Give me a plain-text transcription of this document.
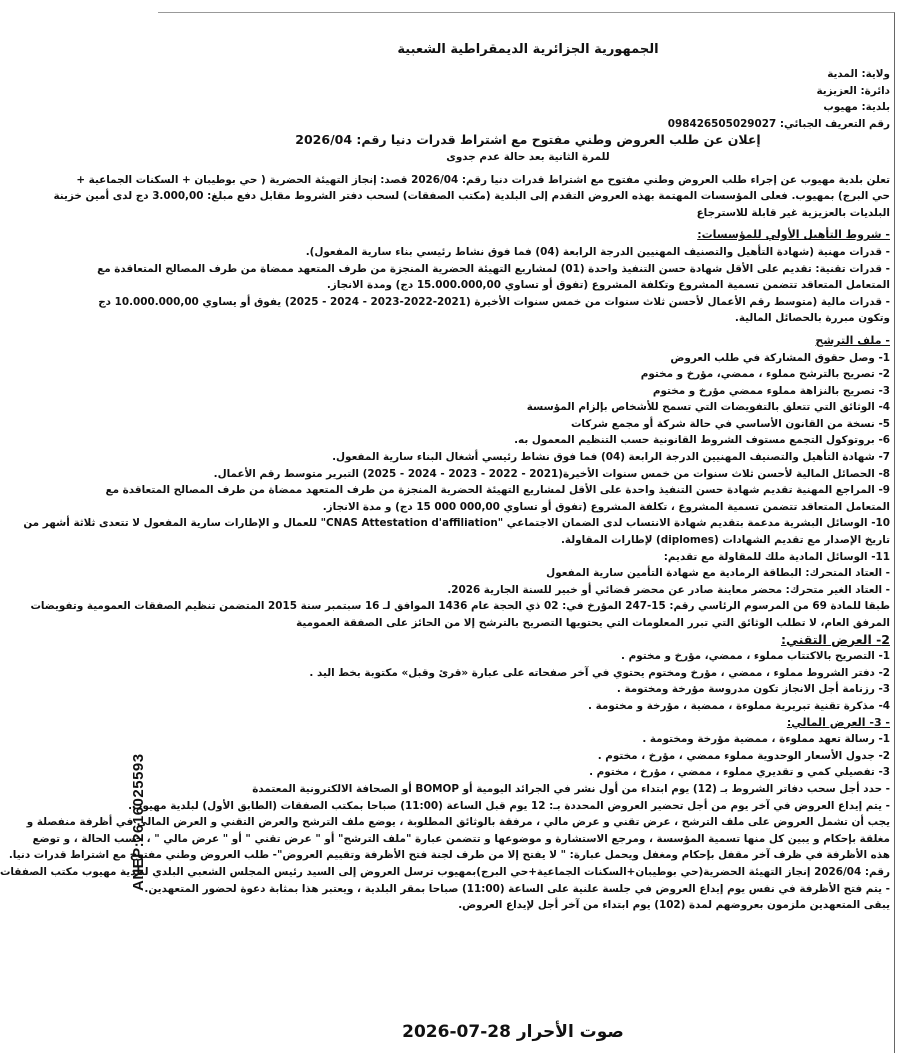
ANEP:2616025593
الجمهورية الجزائرية الديمقراطية الشعبية
ولاية: المدية
دائرة: العزيزية
بلدية: مهيوب
رقم التعريف الجبائي: 098426505029027
إعلان عن طلب العروض وطني مفتوح مع اشتراط قدرات دنيا رقم: 2026/04
للمرة الثانية بعد حالة عدم جدوى
تعلن بلدية مهيوب عن إجراء طلب العروض وطني مفتوح مع اشتراط قدرات دنيا رقم: 2026/04 قصد: إنجاز التهيئة الحضرية ( حي بوطيبان + السكنات الجماعية +
حي البرج) بمهيوب. فعلى المؤسسات المهتمة بهذه العروض التقدم إلى البلدية (مكتب الصفقات) لسحب دفتر الشروط مقابل دفع مبلغ: 3.000,00 دج لدى أمين خزينة
البلديات بالعزيزية غير قابلة للاسترجاع
- شروط التأهيل الأولي للمؤسسات:
- قدرات مهنية (شهادة التأهيل والتصنيف المهنيين الدرجة الرابعة (04) فما فوق نشاط رئيسي بناء سارية المفعول).
- قدرات تقنية: تقديم على الأقل شهادة حسن التنفيذ واحدة (01) لمشاريع التهيئة الحضرية المنجزة من طرف المتعهد ممضاة من طرف المصالح المتعاقدة مع
المتعامل المتعاقد تتضمن تسمية المشروع وتكلفة المشروع (تفوق أو تساوي 15.000.000,00 دج) ومدة الانجاز.
- قدرات مالية (متوسط رقم الأعمال لأحسن ثلاث سنوات من خمس سنوات الأخيرة (2021-2022-2023 - 2024 - 2025) يفوق أو يساوي 10.000.000,00 دج
وتكون مبررة بالحصائل المالية.
- ملف الترشح
1- وصل حقوق المشاركة في طلب العروض
2- تصريح بالترشح مملوء ، ممضي، مؤرخ و مختوم
3- تصريح بالنزاهة مملوء ممضي مؤرخ و مختوم
4- الوثائق التي تتعلق بالتفويضات التي تسمح للأشخاص بإلزام المؤسسة
5- نسخة من القانون الأساسي في حالة شركة أو مجمع شركات
6- بروتوكول التجمع مستوف الشروط القانونية حسب التنظيم المعمول به.
7- شهادة التأهيل والتصنيف المهنيين الدرجة الرابعة (04) فما فوق نشاط رئيسي أشغال البناء سارية المفعول.
8- الحصائل المالية لأحسن ثلاث سنوات من خمس سنوات الأخيرة(2021 - 2022 - 2023 - 2024 - 2025) التبرير متوسط رقم الأعمال.
9- المراجع المهنية تقديم شهادة حسن التنفيذ واحدة على الأقل لمشاريع التهيئة الحضرية المنجزة من طرف المتعهد ممضاة من طرف المصالح المتعاقدة مع
المتعامل المتعاقد تتضمن تسمية المشروع ، تكلفة المشروع (تفوق أو تساوي 000,00 000 15 دج) و مدة الانجاز.
10- الوسائل البشرية مدعمة بتقديم شهادة الانتساب لدى الضمان الاجتماعي "CNAS Attestation d'affiliation" للعمال و الإطارات سارية المفعول لا تتعدى ثلاثة أشهر من
تاريخ الإصدار مع تقديم الشهادات (diplomes) لإطارات المقاولة.
11- الوسائل المادية ملك للمقاولة مع تقديم:
- العتاد المتحرك: البطاقة الرمادية مع شهادة التأمين سارية المفعول
- العتاد الغير متحرك: محضر معاينة صادر عن محضر قضائي أو خبير للسنة الجارية 2026.
طبقا للمادة 69 من المرسوم الرئاسي رقم: 15-247 المؤرخ في: 02 ذي الحجة عام 1436 الموافق لـ 16 سبتمبر سنة 2015 المتضمن تنظيم الصفقات العمومية وتفويضات
المرفق العام، لا تطلب الوثائق التي تبرر المعلومات التي يحتويها التصريح بالترشح إلا من الحائز على الصفقة العمومية
2- العرض التقني:
1- التصريح بالاكتتاب مملوء ، ممضي، مؤرخ و مختوم .
2- دفتر الشروط مملوء ، ممضي ، مؤرخ ومختوم يحتوي في آخر صفحاته على عبارة «قرئ وقبل» مكتوبة بخط اليد .
3- رزنامة أجل الانجاز تكون مدروسة مؤرخة ومختومة .
4- مذكرة تقنية تبريرية مملوءة ، ممضية ، مؤرخة و مختومة .
- 3- العرض المالي:
1- رسالة تعهد مملوءة ، ممضية مؤرخة ومختومة .
2- جدول الأسعار الوحدوية مملوء ممضي ، مؤرخ ، مختوم .
3- تفصيلي كمي و تقديري مملوء ، ممضي ، مؤرخ ، مختوم .
- حدد أجل سحب دفاتر الشروط بـ (12) يوم ابتداء من أول نشر في الجرائد اليومية أو BOMOP أو الصحافة الالكترونية المعتمدة
- يتم إيداع العروض في آخر يوم من أجل تحضير العروض المحددة بـ: 12 يوم قبل الساعة (11:00) صباحا بمكتب الصفقات (الطابق الأول) لبلدية مهيوب.
يجب أن تشمل العروض على ملف الترشح ، عرض تقني و عرض مالي ، مرفقة بالوثائق المطلوبة ، يوضع ملف الترشح والعرض التقني و العرض المالي في أظرفة منفصلة و
مغلقة بإحكام و يبين كل منها تسمية المؤسسة ، ومرجع الاستشارة و موضوعها و تتضمن عبارة "ملف الترشح" أو " عرض تقني " أو " عرض مالي " ، حسب الحالة ، و توضع
هذه الأظرفة في ظرف آخر مقفل بإحكام ومغفل ويحمل عبارة: " لا يفتح إلا من طرف لجنة فتح الأظرفة وتقييم العروض"- طلب العروض وطني مفتوح مع اشتراط قدرات دنيا.
رقم: 2026/04 إنجاز التهيئة الحضرية(حي بوطيبان+السكنات الجماعية+حي البرج)بمهيوب ترسل العروض إلى السيد رئيس المجلس الشعبي البلدي لبلدية مهيوب مكتب الصفقات
- يتم فتح الأظرفة في نفس يوم إيداع العروض في جلسة علنية على الساعة (11:00) صباحا بمقر البلدية ، ويعتبر هذا بمثابة دعوة لحضور المتعهدين.
يبقى المتعهدين ملزمون بعروضهم لمدة (102) يوم ابتداء من آخر أجل لإيداع العروض.
صوت الأحرار 28-07-2026
